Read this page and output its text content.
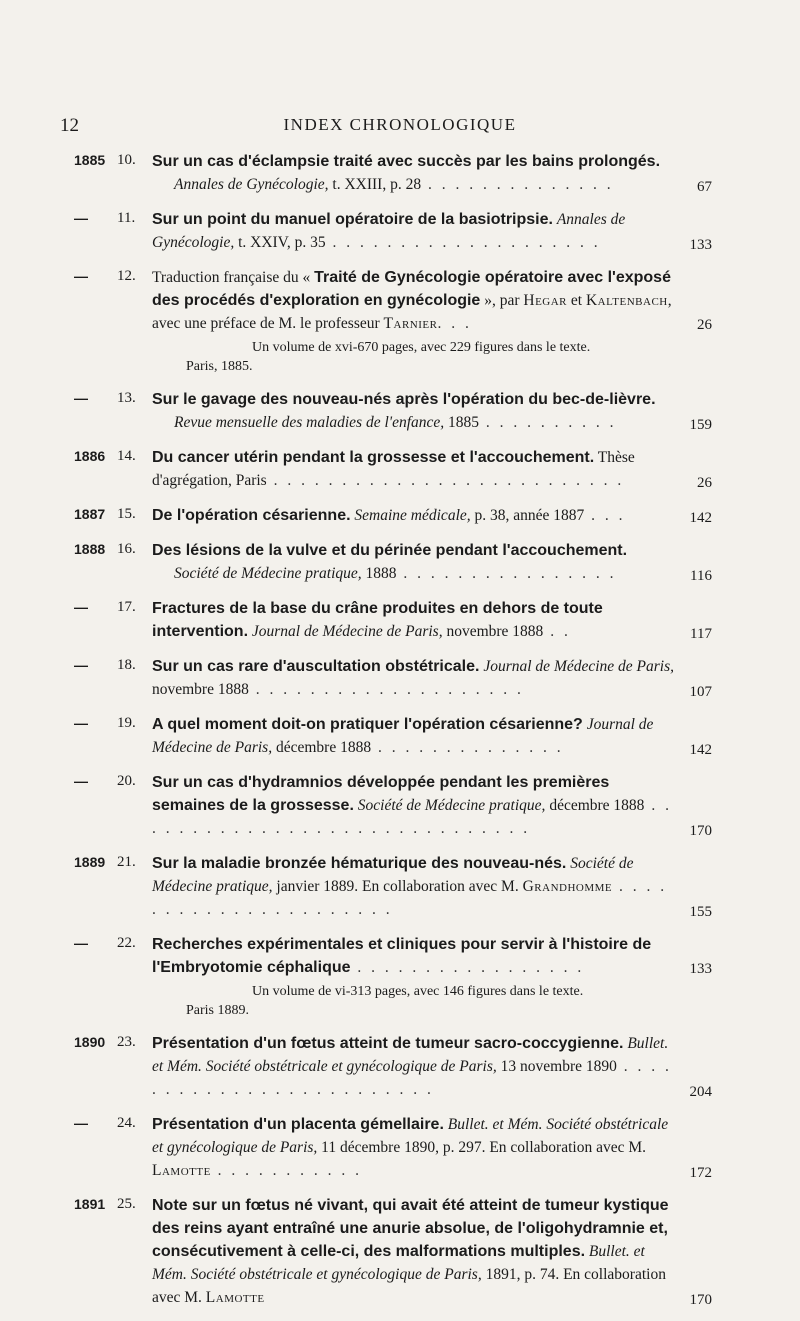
12	INDEX CHRONOLOGIQUE
1885 10. Sur un cas d'éclampsie traité avec succès par les bains prolongés.
Annales de Gynécologie, t. XXIII, p. 28 . . . . . . . . . . . . . .	67
— 11. Sur un point du manuel opératoire de la basiotripsie. Annales de Gynécologie, t. XXIV, p. 35 . . . . . . . . . . . . . . . . . . . .	133
— 12. Traduction française du « Traité de Gynécologie opératoire avec l'exposé des procédés d'exploration en gynécologie », par Hegar et Kaltenbach, avec une préface de M. le professeur Tarnier. . .	26
Un volume de xvi-670 pages, avec 229 figures dans le texte.
Paris, 1885.
— 13. Sur le gavage des nouveau-nés après l'opération du bec-de-lièvre.
Revue mensuelle des maladies de l'enfance, 1885 . . . . . . . . . .	159
1886 14. Du cancer utérin pendant la grossesse et l'accouchement. Thèse d'agrégation, Paris . . . . . . . . . . . . . . . . . . . . . . . . . .	26
1887 15. De l'opération césarienne. Semaine médicale, p. 38, année 1887 . . .	142
1888 16. Des lésions de la vulve et du périnée pendant l'accouchement.
Société de Médecine pratique, 1888 . . . . . . . . . . . . . . . .	116
— 17. Fractures de la base du crâne produites en dehors de toute intervention. Journal de Médecine de Paris, novembre 1888 . .	117
— 18. Sur un cas rare d'auscultation obstétricale. Journal de Médecine de Paris, novembre 1888 . . . . . . . . . . . . . . . . . . . .	107
— 19. A quel moment doit-on pratiquer l'opération césarienne? Journal de Médecine de Paris, décembre 1888 . . . . . . . . . . . . . .	142
— 20. Sur un cas d'hydramnios développée pendant les premières semaines de la grossesse. Société de Médecine pratique, décembre 1888 . . . . . . . . . . . . . . . . . . . . . . . . . . . . . .	170
1889 21. Sur la maladie bronzée hématurique des nouveau-nés. Société de Médecine pratique, janvier 1889. En collaboration avec M. Grandhomme . . . . . . . . . . . . . . . . . . . . . .	155
— 22. Recherches expérimentales et cliniques pour servir à l'histoire de l'Embryotomie céphalique . . . . . . . . . . . . . . . . .	133
Un volume de vi-313 pages, avec 146 figures dans le texte.
Paris 1889.
1890 23. Présentation d'un fœtus atteint de tumeur sacro-coccygienne. Bullet. et Mém. Société obstétricale et gynécologique de Paris, 13 novembre 1890 . . . . . . . . . . . . . . . . . . . . . . . . .	204
— 24. Présentation d'un placenta gémellaire. Bullet. et Mém. Société obstétricale et gynécologique de Paris, 11 décembre 1890, p. 297. En collaboration avec M. Lamotte . . . . . . . . . . .	172
1891 25. Note sur un fœtus né vivant, qui avait été atteint de tumeur kystique des reins ayant entraîné une anurie absolue, de l'oligohydramnie et, consécutivement à celle-ci, des malformations multiples. Bullet. et Mém. Société obstétricale et gynécologique de Paris, 1891, p. 74. En collaboration avec M. Lamotte	170
